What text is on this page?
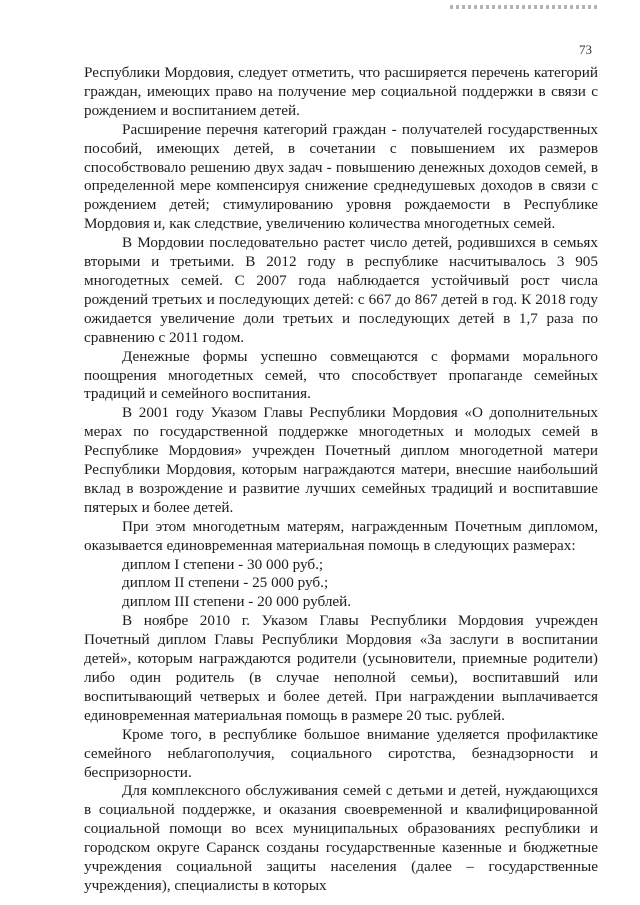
73

Республики Мордовия, следует отметить, что расширяется перечень категорий граждан, имеющих право на получение мер социальной поддержки в связи с рождением и воспитанием детей.

Расширение перечня категорий граждан - получателей государственных пособий, имеющих детей, в сочетании с повышением их размеров способствовало решению двух задач - повышению денежных доходов семей, в определенной мере компенсируя снижение среднедушевых доходов в связи с рождением детей; стимулированию уровня рождаемости в Республике Мордовия и, как следствие, увеличению количества многодетных семей.

В Мордовии последовательно растет число детей, родившихся в семьях вторыми и третьими. В 2012 году в республике насчитывалось 3 905 многодетных семей. С 2007 года наблюдается устойчивый рост числа рождений третьих и последующих детей: с 667 до 867 детей в год. К 2018 году ожидается увеличение доли третьих и последующих детей в 1,7 раза по сравнению с 2011 годом.

Денежные формы успешно совмещаются с формами морального поощрения многодетных семей, что способствует пропаганде семейных традиций и семейного воспитания.

В 2001 году Указом Главы Республики Мордовия «О дополнительных мерах по государственной поддержке многодетных и молодых семей в Республике Мордовия» учрежден Почетный диплом многодетной матери Республики Мордовия, которым награждаются матери, внесшие наибольший вклад в возрождение и развитие лучших семейных традиций и воспитавшие пятерых и более детей.

При этом многодетным матерям, награжденным Почетным дипломом, оказывается единовременная материальная помощь в следующих размерах:

диплом I степени - 30 000 руб.;

диплом II степени - 25 000 руб.;

диплом III степени - 20 000 рублей.

В ноябре 2010 г. Указом Главы Республики Мордовия учрежден Почетный диплом Главы Республики Мордовия «За заслуги в воспитании детей», которым награждаются родители (усыновители, приемные родители) либо один родитель (в случае неполной семьи), воспитавший или воспитывающий четверых и более детей. При награждении выплачивается единовременная материальная помощь в размере 20 тыс. рублей.

Кроме того, в республике большое внимание уделяется профилактике семейного неблагополучия, социального сиротства, безнадзорности и беспризорности.

Для комплексного обслуживания семей с детьми и детей, нуждающихся в социальной поддержке, и оказания своевременной и квалифицированной социальной помощи во всех муниципальных образованиях республики и городском округе Саранск созданы государственные казенные и бюджетные учреждения социальной защиты населения (далее – государственные учреждения), специалисты в которых
